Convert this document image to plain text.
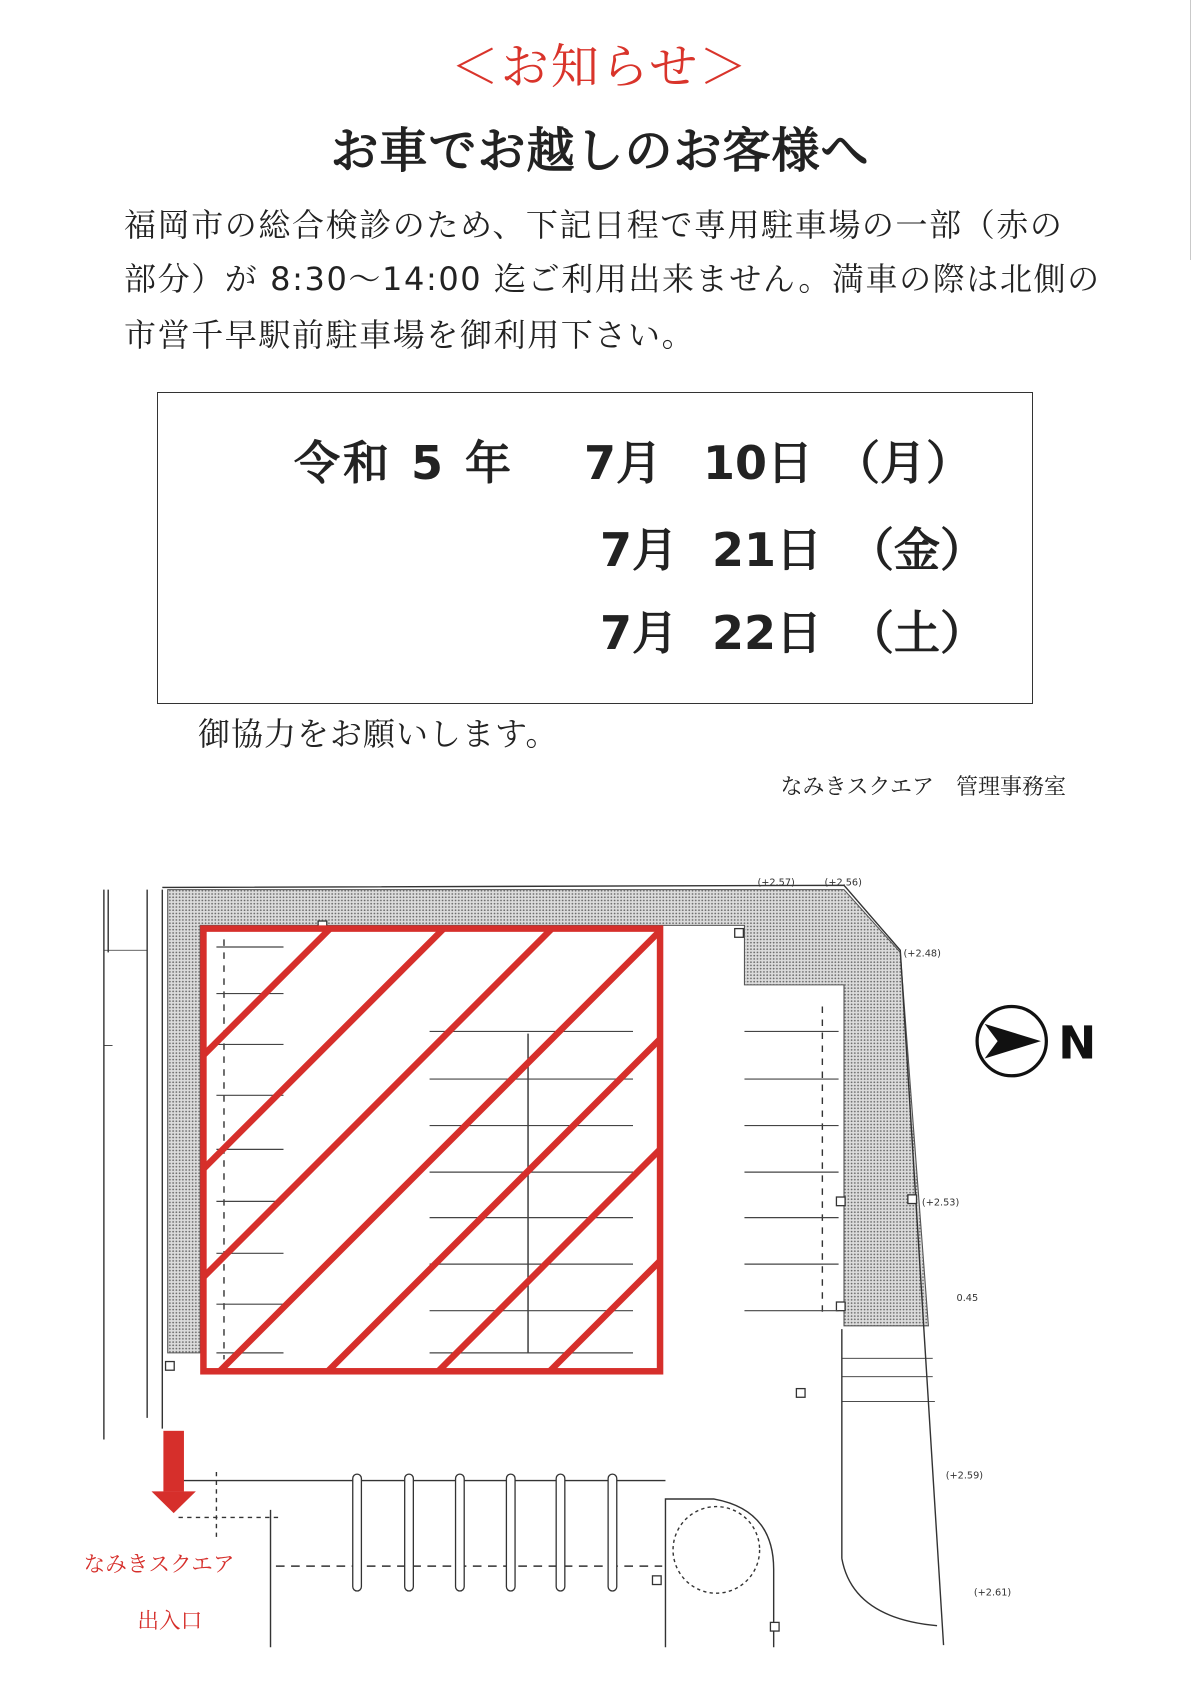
＜お知らせ＞
お車でお越しのお客様へ
福岡市の総合検診のため、下記日程で専用駐車場の一部（赤の
部分）が 8:30～14:00 迄ご利用出来ません。満車の際は北側の
市営千早駅前駐車場を御利用下さい。
令和 5 年 7月 10日 （月）
7月 21日 （金）
7月 22日 （土）
御協力をお願いします。
なみきスクエア　管理事務室
N
(+2.57)	(+2.56)
(+2.48)
(+2.53)
0.45
(+2.59)
(+2.61)
なみきスクエア
出入口
